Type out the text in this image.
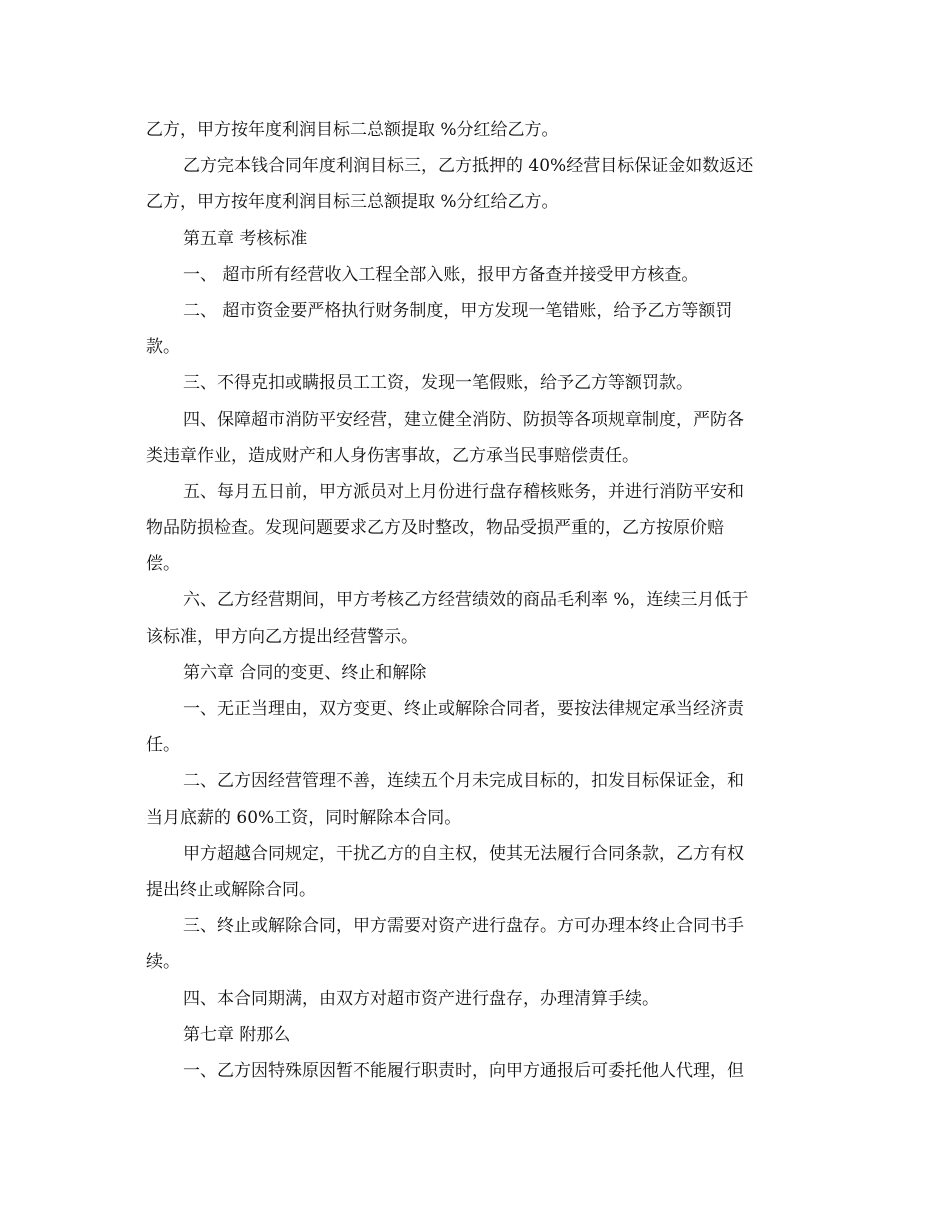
乙方，甲方按年度利润目标二总额提取 %分红给乙方。
乙方完本钱合同年度利润目标三，乙方抵押的 40%经营目标保证金如数返还
乙方，甲方按年度利润目标三总额提取 %分红给乙方。
第五章 考核标准
一、 超市所有经营收入工程全部入账，报甲方备查并接受甲方核查。
二、 超市资金要严格执行财务制度，甲方发现一笔错账，给予乙方等额罚
款。
三、不得克扣或瞒报员工工资，发现一笔假账，给予乙方等额罚款。
四、保障超市消防平安经营，建立健全消防、防损等各项规章制度，严防各
类违章作业，造成财产和人身伤害事故，乙方承当民事赔偿责任。
五、每月五日前，甲方派员对上月份进行盘存稽核账务，并进行消防平安和
物品防损检查。发现问题要求乙方及时整改，物品受损严重的，乙方按原价赔
偿。
六、乙方经营期间，甲方考核乙方经营绩效的商品毛利率 %，连续三月低于
该标准，甲方向乙方提出经营警示。
第六章 合同的变更、终止和解除
一、无正当理由，双方变更、终止或解除合同者，要按法律规定承当经济责
任。
二、乙方因经营管理不善，连续五个月未完成目标的，扣发目标保证金，和
当月底薪的 60%工资，同时解除本合同。
甲方超越合同规定，干扰乙方的自主权，使其无法履行合同条款，乙方有权
提出终止或解除合同。
三、终止或解除合同，甲方需要对资产进行盘存。方可办理本终止合同书手
续。
四、本合同期满，由双方对超市资产进行盘存，办理清算手续。
第七章 附那么
一、乙方因特殊原因暂不能履行职责时，向甲方通报后可委托他人代理，但
